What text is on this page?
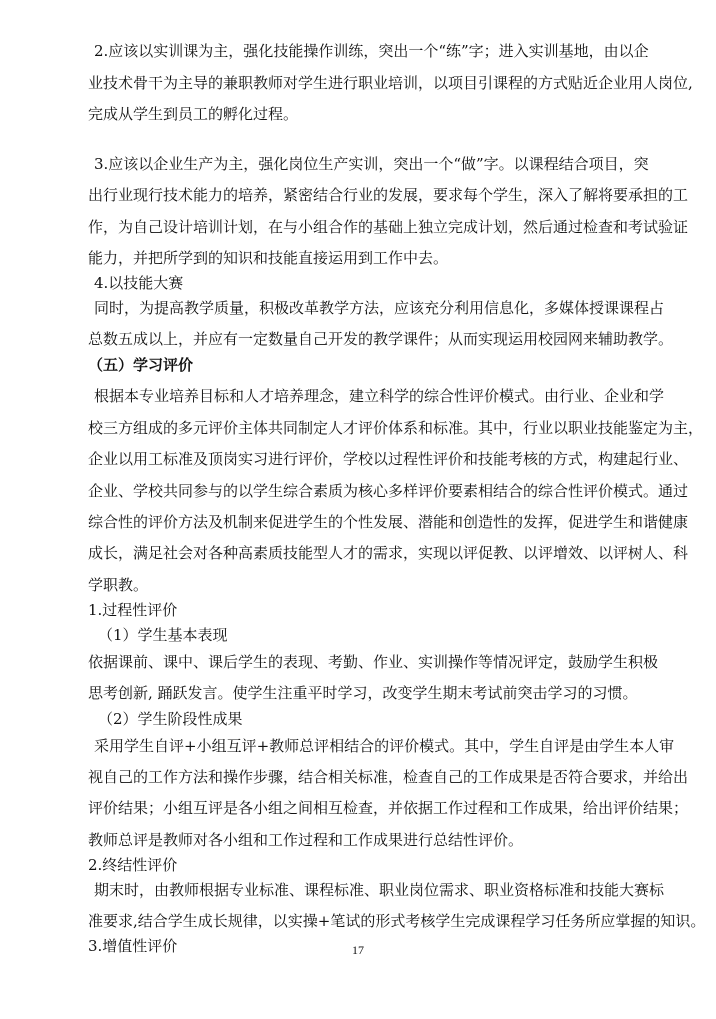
2.应该以实训课为主，强化技能操作训练，突出一个“练”字；进入实训基地，由以企
业技术骨干为主导的兼职教师对学生进行职业培训，以项目引课程的方式贴近企业用人岗位,
完成从学生到员工的孵化过程。
3.应该以企业生产为主，强化岗位生产实训，突出一个“做”字。以课程结合项目，突
出行业现行技术能力的培养，紧密结合行业的发展，要求每个学生，深入了解将要承担的工
作，为自己设计培训计划，在与小组合作的基础上独立完成计划，然后通过检查和考试验证
能力，并把所学到的知识和技能直接运用到工作中去。
4.以技能大赛
同时，为提高教学质量，积极改革教学方法，应该充分利用信息化，多媒体授课课程占
总数五成以上，并应有一定数量自己开发的教学课件；从而实现运用校园网来辅助教学。
（五）学习评价
根据本专业培养目标和人才培养理念，建立科学的综合性评价模式。由行业、企业和学
校三方组成的多元评价主体共同制定人才评价体系和标准。其中，行业以职业技能鉴定为主，
企业以用工标准及顶岗实习进行评价，学校以过程性评价和技能考核的方式，构建起行业、
企业、学校共同参与的以学生综合素质为核心多样评价要素相结合的综合性评价模式。通过
综合性的评价方法及机制来促进学生的个性发展、潜能和创造性的发挥，促进学生和谐健康
成长，满足社会对各种高素质技能型人才的需求，实现以评促教、以评增效、以评树人、科
学职教。
1.过程性评价
（1）学生基本表现
依据课前、课中、课后学生的表现、考勤、作业、实训操作等情况评定，鼓励学生积极
思考创新, 踊跃发言。使学生注重平时学习，改变学生期末考试前突击学习的习惯。
（2）学生阶段性成果
采用学生自评+小组互评+教师总评相结合的评价模式。其中，学生自评是由学生本人审
视自己的工作方法和操作步骤，结合相关标准，检查自己的工作成果是否符合要求，并给出
评价结果；小组互评是各小组之间相互检查，并依据工作过程和工作成果，给出评价结果；
教师总评是教师对各小组和工作过程和工作成果进行总结性评价。
2.终结性评价
期末时，由教师根据专业标准、课程标准、职业岗位需求、职业资格标准和技能大赛标
准要求,结合学生成长规律，以实操+笔试的形式考核学生完成课程学习任务所应掌握的知识。
3.增值性评价	17
